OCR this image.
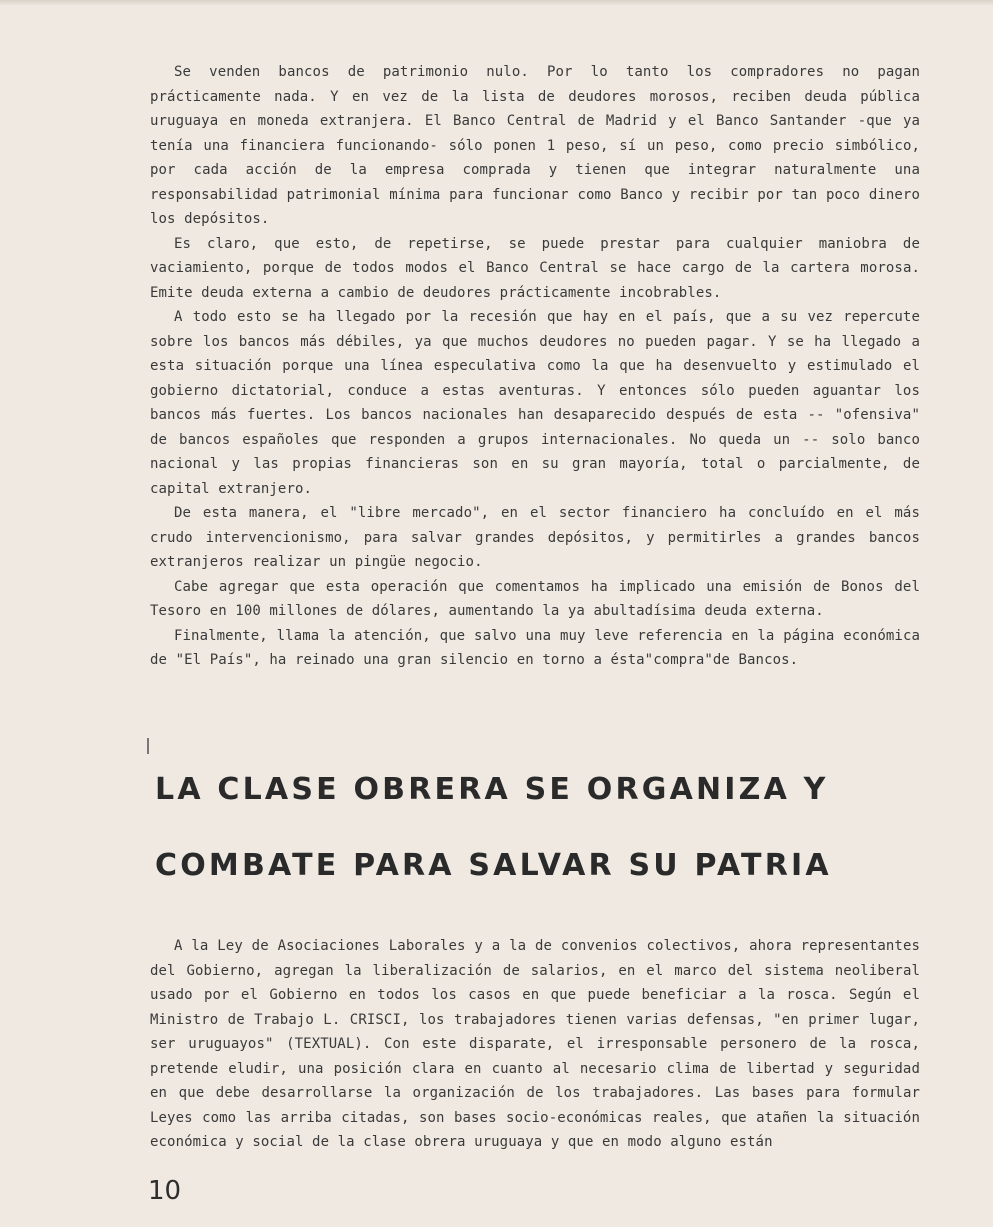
Se venden bancos de patrimonio nulo. Por lo tanto los compradores no pagan prácticamente nada. Y en vez de la lista de deudores morosos, reciben deuda pública uruguaya en moneda extranjera. El Banco Central de Madrid y el Banco Santander -que ya tenía una financiera funcionando- sólo ponen 1 peso, sí un peso, como precio simbólico, por cada acción de la empresa comprada y tienen que integrar naturalmente una responsabilidad patrimonial mínima para funcionar como Banco y recibir por tan poco dinero los depósitos.

Es claro, que esto, de repetirse, se puede prestar para cualquier maniobra de vaciamiento, porque de todos modos el Banco Central se hace cargo de la cartera morosa. Emite deuda externa a cambio de deudores prácticamente incobrables.

A todo esto se ha llegado por la recesión que hay en el país, que a su vez repercute sobre los bancos más débiles, ya que muchos deudores no pueden pagar. Y se ha llegado a esta situación porque una línea especulativa como la que ha desenvuelto y estimulado el gobierno dictatorial, conduce a estas aventuras. Y entonces sólo pueden aguantar los bancos más fuertes. Los bancos nacionales han desaparecido después de esta -- "ofensiva" de bancos españoles que responden a grupos internacionales. No queda un -- solo banco nacional y las propias financieras son en su gran mayoría, total o parcialmente, de capital extranjero.

De esta manera, el "libre mercado", en el sector financiero ha concluído en el más crudo intervencionismo, para salvar grandes depósitos, y permitirles a grandes bancos extranjeros realizar un pingüe negocio.

Cabe agregar que esta operación que comentamos ha implicado una emisión de Bonos del Tesoro en 100 millones de dólares, aumentando la ya abultadísima deuda externa.

Finalmente, llama la atención, que salvo una muy leve referencia en la página económica de "El País", ha reinado una gran silencio en torno a ésta"compra"de Bancos.

LA CLASE OBRERA SE ORGANIZA Y
COMBATE PARA SALVAR SU PATRIA

A la Ley de Asociaciones Laborales y a la de convenios colectivos, ahora representantes del Gobierno, agregan la liberalización de salarios, en el marco del sistema neoliberal usado por el Gobierno en todos los casos en que puede beneficiar a la rosca. Según el Ministro de Trabajo L. CRISCI, los trabajadores tienen varias defensas, "en primer lugar, ser uruguayos" (TEXTUAL). Con este disparate, el irresponsable personero de la rosca, pretende eludir, una posición clara en cuanto al necesario clima de libertad y seguridad en que debe desarrollarse la organización de los trabajadores. Las bases para formular Leyes como las arriba citadas, son bases socio-económicas reales, que atañen la situación económica y social de la clase obrera uruguaya y que en modo alguno están

10
